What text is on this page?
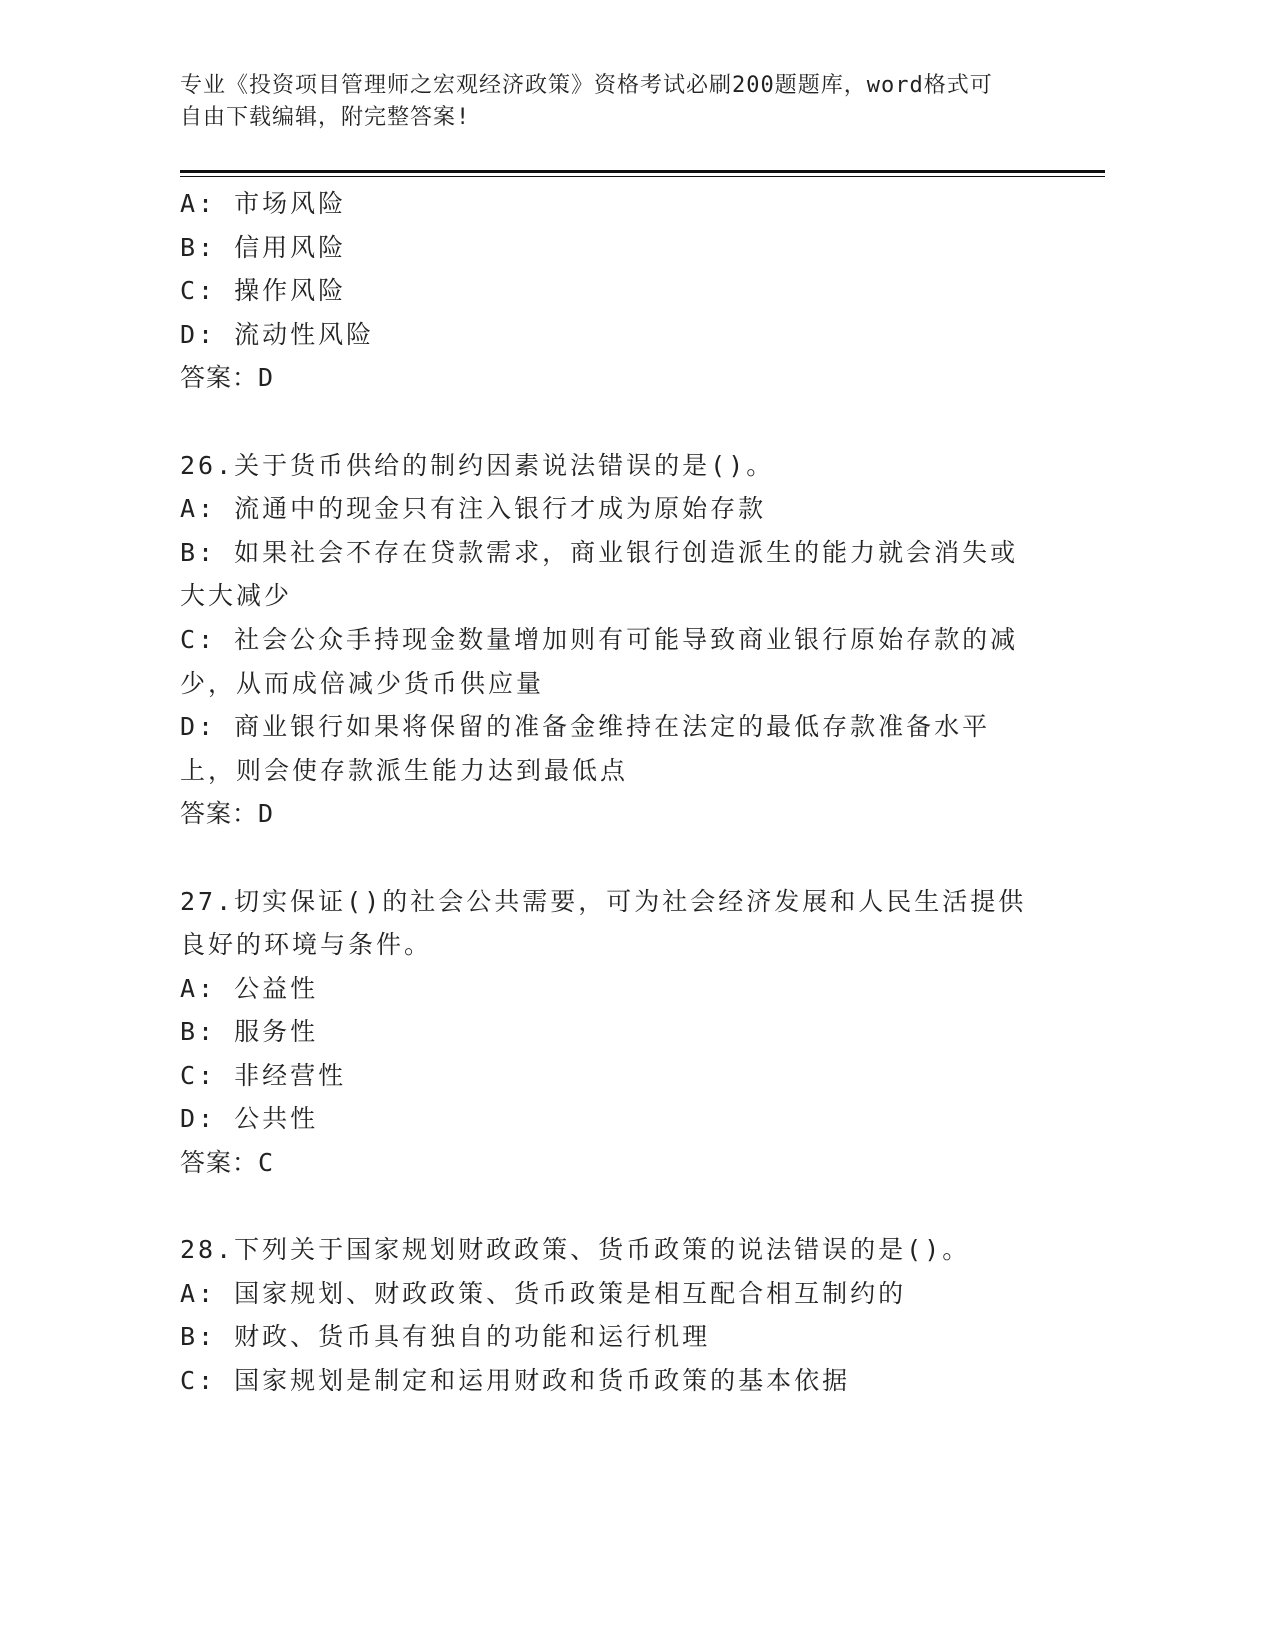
专业《投资项目管理师之宏观经济政策》资格考试必刷200题题库，word格式可
自由下载编辑，附完整答案!
A: 市场风险
B: 信用风险
C: 操作风险
D: 流动性风险
答案：D
26.关于货币供给的制约因素说法错误的是()。
A: 流通中的现金只有注入银行才成为原始存款
B: 如果社会不存在贷款需求，商业银行创造派生的能力就会消失或大大减少
C: 社会公众手持现金数量增加则有可能导致商业银行原始存款的减少，从而成倍减少货币供应量
D: 商业银行如果将保留的准备金维持在法定的最低存款准备水平上，则会使存款派生能力达到最低点
答案：D
27.切实保证()的社会公共需要，可为社会经济发展和人民生活提供良好的环境与条件。
A: 公益性
B: 服务性
C: 非经营性
D: 公共性
答案：C
28.下列关于国家规划财政政策、货币政策的说法错误的是()。
A: 国家规划、财政政策、货币政策是相互配合相互制约的
B: 财政、货币具有独自的功能和运行机理
C: 国家规划是制定和运用财政和货币政策的基本依据
